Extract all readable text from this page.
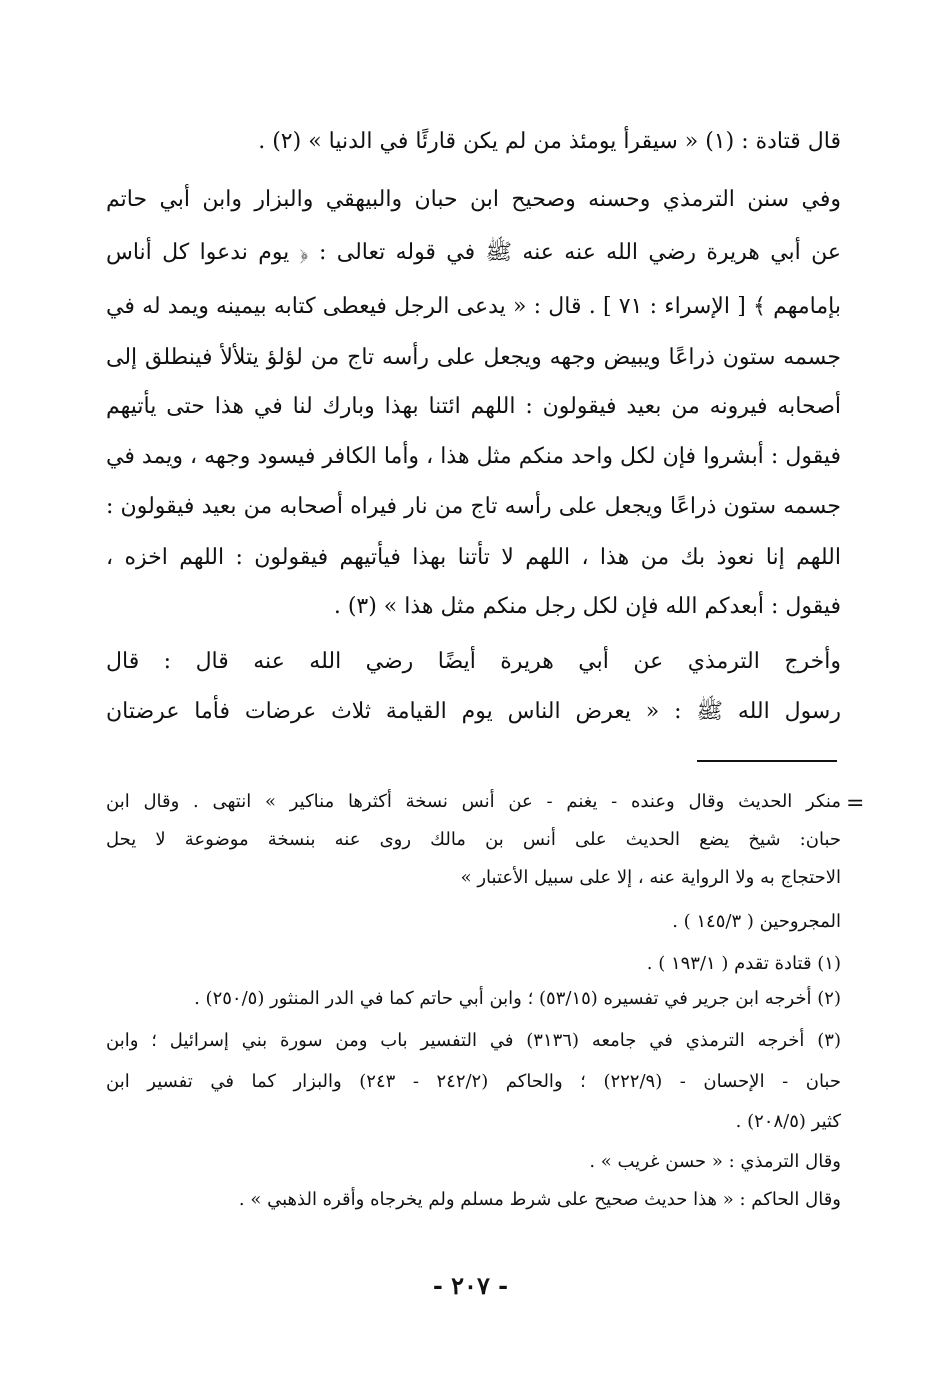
قال قتادة : (١) « سيقرأ يومئذ من لم يكن قارئًا في الدنيا » (٢) .
وفي سنن الترمذي وحسنه وصحيح ابن حبان والبيهقي والبزار وابن أبي حاتم
عن أبي هريرة رضي الله عنه عنه ﷺ في قوله تعالى : ﴿ يوم ندعوا كل أناس
بإمامهم ﴾ [ الإسراء : ٧١ ] . قال : « يدعى الرجل فيعطى كتابه بيمينه ويمد له في
جسمه ستون ذراعًا ويبيض وجهه ويجعل على رأسه تاج من لؤلؤ يتلألأ فينطلق إلى
أصحابه فيرونه من بعيد فيقولون : اللهم ائتنا بهذا وبارك لنا في هذا حتى يأتيهم
فيقول : أبشروا فإن لكل واحد منكم مثل هذا ، وأما الكافر فيسود وجهه ، ويمد في
جسمه ستون ذراعًا ويجعل على رأسه تاج من نار فيراه أصحابه من بعيد فيقولون :
اللهم إنا نعوذ بك من هذا ، اللهم لا تأتنا بهذا فيأتيهم فيقولون : اللهم اخزه ،
فيقول : أبعدكم الله فإن لكل رجل منكم مثل هذا » (٣) .
وأخرج الترمذي عن أبي هريرة أيضًا رضي الله عنه قال : قال
رسول الله ﷺ : « يعرض الناس يوم القيامة ثلاث عرضات فأما عرضتان
=
منكر الحديث وقال وعنده - يغنم - عن أنس نسخة أكثرها مناكير » انتهى . وقال ابن
حبان: شيخ يضع الحديث على أنس بن مالك روى عنه بنسخة موضوعة لا يحل
الاحتجاج به ولا الرواية عنه ، إلا على سبيل الأعتبار »
المجروحين ( ١٤٥/٣ ) .
(١) قتادة تقدم ( ١٩٣/١ ) .
(٢) أخرجه ابن جرير في تفسيره (٥٣/١٥) ؛ وابن أبي حاتم كما في الدر المنثور (٢٥٠/٥) .
(٣) أخرجه الترمذي في جامعه (٣١٣٦) في التفسير باب ومن سورة بني إسرائيل ؛ وابن
حبان - الإحسان - (٢٢٢/٩) ؛ والحاكم (٢٤٢/٢ - ٢٤٣) والبزار كما في تفسير ابن
كثير (٢٠٨/٥) .
وقال الترمذي : « حسن غريب » .
وقال الحاكم : « هذا حديث صحيح على شرط مسلم ولم يخرجاه وأقره الذهبي » .
- ٢٠٧ -
